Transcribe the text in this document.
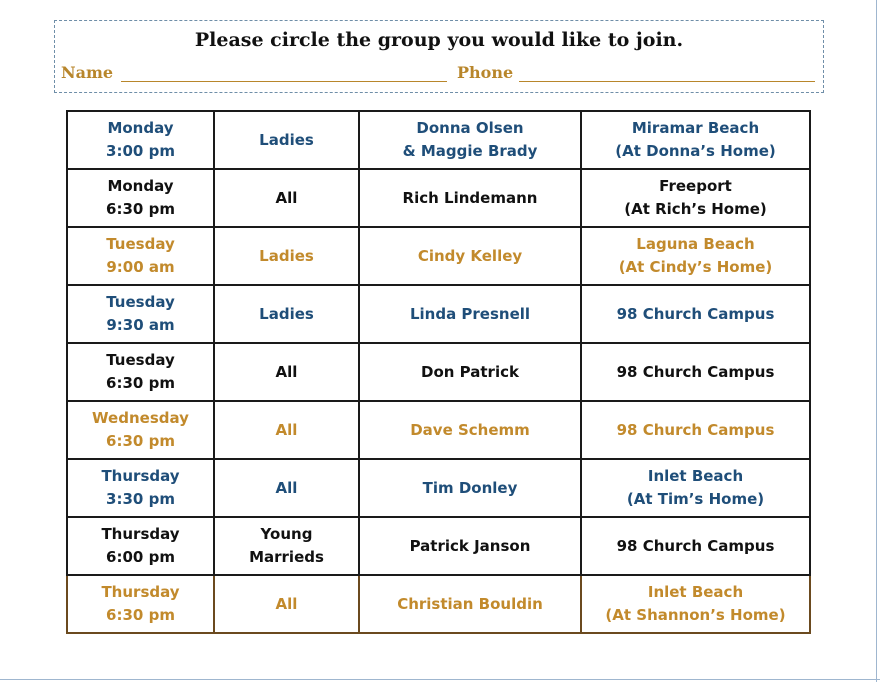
Please circle the group you would like to join.
Name	Phone
Monday
3:00 pm	Ladies	Donna Olsen
& Maggie Brady	Miramar Beach
(At Donna’s Home)

Monday
6:30 pm	All	Rich Lindemann	Freeport
(At Rich’s Home)

Tuesday
9:00 am	Ladies	Cindy Kelley	Laguna Beach
(At Cindy’s Home)

Tuesday
9:30 am	Ladies	Linda Presnell	98 Church Campus

Tuesday
6:30 pm	All	Don Patrick	98 Church Campus

Wednesday
6:30 pm	All	Dave Schemm	98 Church Campus

Thursday
3:30 pm	All	Tim Donley	Inlet Beach
(At Tim’s Home)

Thursday
6:00 pm	Young
Marrieds	Patrick Janson	98 Church Campus

Thursday
6:30 pm	All	Christian Bouldin	Inlet Beach
(At Shannon’s Home)
